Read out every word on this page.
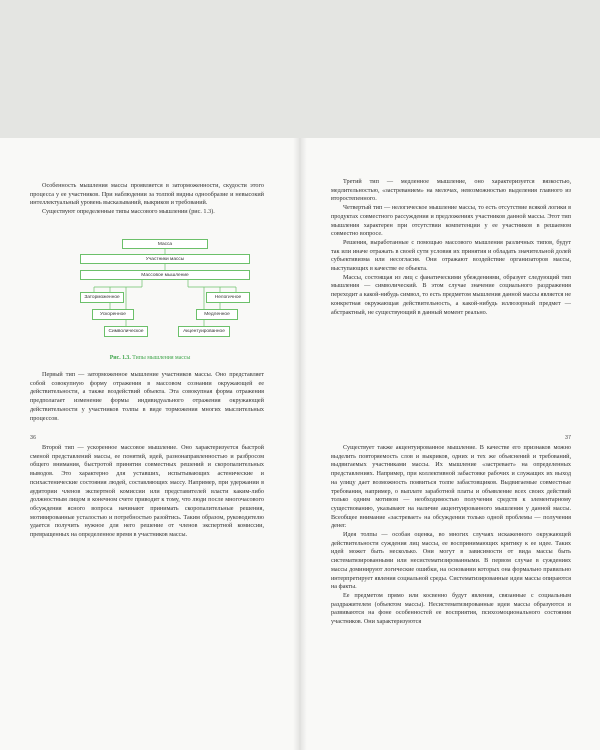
Особенность мышления массы проявляется в заторможенности, скудости этого процесса у ее участников. При наблюдении за толпой видны однообразие и невысокий интеллектуальный уровень высказываний, выкриков и требований.

Существуют определенные типы массового мышлении (рис. 1.3).

Масса
Участники массы
Массовое мышление
Заторможенное	Нелогичное
Ускоренное	Медленное
Символическое	Акцентуированное
Рис. 1.3. Типы мышления массы

Первый тип — заторможенное мышление участников массы. Оно представляет собой совокупную форму отражения в массовом сознании окружающей ее действительности, а также воздействий объекта. Эта совокупная форма отражения предполагает изменение формы индивидуального отражения окружающей действительности у участников толпы в виде торможения многих мыслительных процессов.

36

Третий тип — медленное мышление, оно характеризуется вязкостью, медлительностью, «застреванием» на мелочах, невозможностью выделения главного из второстепенного.

Четвертый тип — нелогическое мышление массы, то есть отсутствие всякой логики в продуктах совместного рассуждения и предложениях участников данной массы. Этот тип мышления характерен при отсутствии компетенции у ее участников в решаемом совместно вопросе.

Решения, выработанные с помощью массового мышления различных типов, будут так или иначе отражать в своей сути условия их принятия и обладать значительной долей субъективизма или несогласия. Они отражают воздействие организаторов массы, выступающих в качестве ее объекта.

Массы, состоящая из лиц с фанатическими убеждениями, образует следующий тип мышления — символический. В этом случае значение социального раздражения переходит а какой-нибудь символ, то есть предметом мышления данной массы является не конкретная окружающая действительность, а какой-нибудь иллюзорный предмет — абстрактный, не существующий в данный момент реально.

37

Второй тип — ускоренное массовое мышление. Оно характеризуется быстрой сменой представлений массы, ее понятий, идей, разнонаправленностью и разбросом общего внимания, быстротой принятия совместных решений и скоропалительных выводов. Это характерно для уставших, испытывающих астенические и психастенические состояния людей, составляющих массу. Например, при удержании в аудитории членов экспертной комиссии или представителей власти каким-либо должностным лицом в конечном счете приводит к тому, что люди после многочасового обсуждения ясного вопроса начинают принимать скоропалительные решения, мотивированные усталостью и потребностью разойтись. Таким образом, руководителю удается получить нужное для него решение от членов экспертной комиссии, превращенных на определенное время в участников массы.

Существует также акцентуированное мышление. В качестве его признаков можно выделить повторяемость слов и выкриков, одних и тех же объяснений и требований, выдвигаемых участниками массы. Их мышление «застревает» на определенных представлениях. Например, при коллективной забастовке рабочих и служащих их выход на улицу дает возможность появиться толпе забастовщиков. Выдвигаемые совместные требования, например, о выплате заработной платы и объявление всех своих действий только одним мотивом — необходимостью получения средств к элементарному существованию, указывают на наличие акцентуированного мышления у данной массы. Всеобщее внимание «застревает» на обсуждении только одной проблемы — получения денег.

Идея толпы — особая оценка, во многих случаях искаженного окружающей действительности суждения лиц массы, ее воспринимающих критику к ее идее. Таких идей может быть несколько. Они могут в зависимости от вида массы быть систематизированными или несистематизированными. В первом случае в суждениях массы доминируют логические ошибки, на основании которых она формально правильно интерпретирует явления социальной среды. Систематизированные идеи массы опираются на факты.

Ее предметом прямо или косвенно будут явления, связанные с социальным раздражителем (объектом массы). Несистематизированные идеи массы образуются и развиваются на фоне особенностей ее восприятия, психоэмоционального состояния участников. Они характеризуются
